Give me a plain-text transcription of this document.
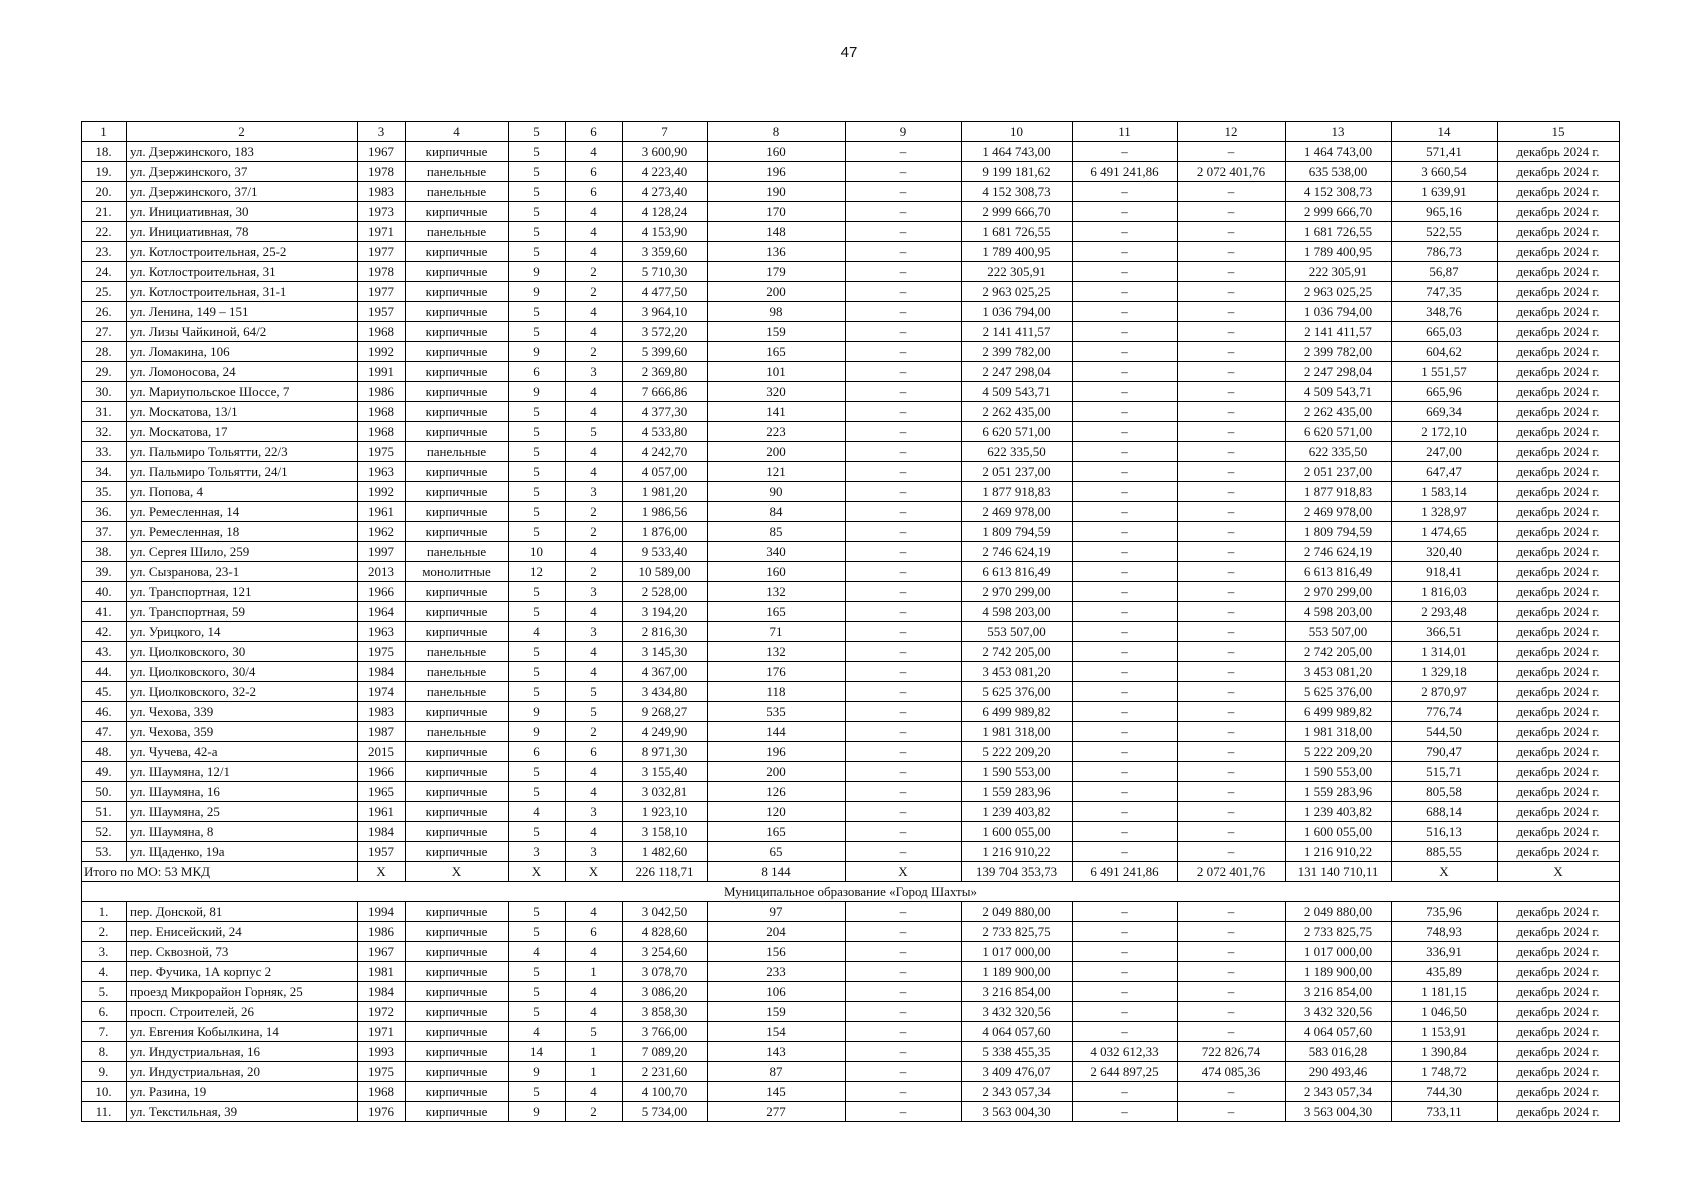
47
1	2	3	4	5	6	7	8	9	10	11	12	13	14	15
18.	ул. Дзержинского, 183	1967	кирпичные	5	4	3 600,90	160	–	1 464 743,00	–	–	1 464 743,00	571,41	декабрь 2024 г.
19.	ул. Дзержинского, 37	1978	панельные	5	6	4 223,40	196	–	9 199 181,62	6 491 241,86	2 072 401,76	635 538,00	3 660,54	декабрь 2024 г.
20.	ул. Дзержинского, 37/1	1983	панельные	5	6	4 273,40	190	–	4 152 308,73	–	–	4 152 308,73	1 639,91	декабрь 2024 г.
21.	ул. Инициативная, 30	1973	кирпичные	5	4	4 128,24	170	–	2 999 666,70	–	–	2 999 666,70	965,16	декабрь 2024 г.
22.	ул. Инициативная, 78	1971	панельные	5	4	4 153,90	148	–	1 681 726,55	–	–	1 681 726,55	522,55	декабрь 2024 г.
23.	ул. Котлостроительная, 25-2	1977	кирпичные	5	4	3 359,60	136	–	1 789 400,95	–	–	1 789 400,95	786,73	декабрь 2024 г.
24.	ул. Котлостроительная, 31	1978	кирпичные	9	2	5 710,30	179	–	222 305,91	–	–	222 305,91	56,87	декабрь 2024 г.
25.	ул. Котлостроительная, 31-1	1977	кирпичные	9	2	4 477,50	200	–	2 963 025,25	–	–	2 963 025,25	747,35	декабрь 2024 г.
26.	ул. Ленина, 149 – 151	1957	кирпичные	5	4	3 964,10	98	–	1 036 794,00	–	–	1 036 794,00	348,76	декабрь 2024 г.
27.	ул. Лизы Чайкиной, 64/2	1968	кирпичные	5	4	3 572,20	159	–	2 141 411,57	–	–	2 141 411,57	665,03	декабрь 2024 г.
28.	ул. Ломакина, 106	1992	кирпичные	9	2	5 399,60	165	–	2 399 782,00	–	–	2 399 782,00	604,62	декабрь 2024 г.
29.	ул. Ломоносова, 24	1991	кирпичные	6	3	2 369,80	101	–	2 247 298,04	–	–	2 247 298,04	1 551,57	декабрь 2024 г.
30.	ул. Мариупольское Шоссе, 7	1986	кирпичные	9	4	7 666,86	320	–	4 509 543,71	–	–	4 509 543,71	665,96	декабрь 2024 г.
31.	ул. Москатова, 13/1	1968	кирпичные	5	4	4 377,30	141	–	2 262 435,00	–	–	2 262 435,00	669,34	декабрь 2024 г.
32.	ул. Москатова, 17	1968	кирпичные	5	5	4 533,80	223	–	6 620 571,00	–	–	6 620 571,00	2 172,10	декабрь 2024 г.
33.	ул. Пальмиро Тольятти, 22/3	1975	панельные	5	4	4 242,70	200	–	622 335,50	–	–	622 335,50	247,00	декабрь 2024 г.
34.	ул. Пальмиро Тольятти, 24/1	1963	кирпичные	5	4	4 057,00	121	–	2 051 237,00	–	–	2 051 237,00	647,47	декабрь 2024 г.
35.	ул. Попова, 4	1992	кирпичные	5	3	1 981,20	90	–	1 877 918,83	–	–	1 877 918,83	1 583,14	декабрь 2024 г.
36.	ул. Ремесленная, 14	1961	кирпичные	5	2	1 986,56	84	–	2 469 978,00	–	–	2 469 978,00	1 328,97	декабрь 2024 г.
37.	ул. Ремесленная, 18	1962	кирпичные	5	2	1 876,00	85	–	1 809 794,59	–	–	1 809 794,59	1 474,65	декабрь 2024 г.
38.	ул. Сергея Шило, 259	1997	панельные	10	4	9 533,40	340	–	2 746 624,19	–	–	2 746 624,19	320,40	декабрь 2024 г.
39.	ул. Сызранова, 23-1	2013	монолитные	12	2	10 589,00	160	–	6 613 816,49	–	–	6 613 816,49	918,41	декабрь 2024 г.
40.	ул. Транспортная, 121	1966	кирпичные	5	3	2 528,00	132	–	2 970 299,00	–	–	2 970 299,00	1 816,03	декабрь 2024 г.
41.	ул. Транспортная, 59	1964	кирпичные	5	4	3 194,20	165	–	4 598 203,00	–	–	4 598 203,00	2 293,48	декабрь 2024 г.
42.	ул. Урицкого, 14	1963	кирпичные	4	3	2 816,30	71	–	553 507,00	–	–	553 507,00	366,51	декабрь 2024 г.
43.	ул. Циолковского, 30	1975	панельные	5	4	3 145,30	132	–	2 742 205,00	–	–	2 742 205,00	1 314,01	декабрь 2024 г.
44.	ул. Циолковского, 30/4	1984	панельные	5	4	4 367,00	176	–	3 453 081,20	–	–	3 453 081,20	1 329,18	декабрь 2024 г.
45.	ул. Циолковского, 32-2	1974	панельные	5	5	3 434,80	118	–	5 625 376,00	–	–	5 625 376,00	2 870,97	декабрь 2024 г.
46.	ул. Чехова, 339	1983	кирпичные	9	5	9 268,27	535	–	6 499 989,82	–	–	6 499 989,82	776,74	декабрь 2024 г.
47.	ул. Чехова, 359	1987	панельные	9	2	4 249,90	144	–	1 981 318,00	–	–	1 981 318,00	544,50	декабрь 2024 г.
48.	ул. Чучева, 42-а	2015	кирпичные	6	6	8 971,30	196	–	5 222 209,20	–	–	5 222 209,20	790,47	декабрь 2024 г.
49.	ул. Шаумяна, 12/1	1966	кирпичные	5	4	3 155,40	200	–	1 590 553,00	–	–	1 590 553,00	515,71	декабрь 2024 г.
50.	ул. Шаумяна, 16	1965	кирпичные	5	4	3 032,81	126	–	1 559 283,96	–	–	1 559 283,96	805,58	декабрь 2024 г.
51.	ул. Шаумяна, 25	1961	кирпичные	4	3	1 923,10	120	–	1 239 403,82	–	–	1 239 403,82	688,14	декабрь 2024 г.
52.	ул. Шаумяна, 8	1984	кирпичные	5	4	3 158,10	165	–	1 600 055,00	–	–	1 600 055,00	516,13	декабрь 2024 г.
53.	ул. Щаденко, 19а	1957	кирпичные	3	3	1 482,60	65	–	1 216 910,22	–	–	1 216 910,22	885,55	декабрь 2024 г.
Итого по МО: 53 МКД		Х	Х	Х	Х	226 118,71	8 144	Х	139 704 353,73	6 491 241,86	2 072 401,76	131 140 710,11	Х	Х
Муниципальное образование «Город Шахты»														
1.	пер. Донской, 81	1994	кирпичные	5	4	3 042,50	97	–	2 049 880,00	–	–	2 049 880,00	735,96	декабрь 2024 г.
2.	пер. Енисейский, 24	1986	кирпичные	5	6	4 828,60	204	–	2 733 825,75	–	–	2 733 825,75	748,93	декабрь 2024 г.
3.	пер. Сквозной, 73	1967	кирпичные	4	4	3 254,60	156	–	1 017 000,00	–	–	1 017 000,00	336,91	декабрь 2024 г.
4.	пер. Фучика, 1А корпус 2	1981	кирпичные	5	1	3 078,70	233	–	1 189 900,00	–	–	1 189 900,00	435,89	декабрь 2024 г.
5.	проезд Микрорайон Горняк, 25	1984	кирпичные	5	4	3 086,20	106	–	3 216 854,00	–	–	3 216 854,00	1 181,15	декабрь 2024 г.
6.	просп. Строителей, 26	1972	кирпичные	5	4	3 858,30	159	–	3 432 320,56	–	–	3 432 320,56	1 046,50	декабрь 2024 г.
7.	ул. Евгения Кобылкина, 14	1971	кирпичные	4	5	3 766,00	154	–	4 064 057,60	–	–	4 064 057,60	1 153,91	декабрь 2024 г.
8.	ул. Индустриальная, 16	1993	кирпичные	14	1	7 089,20	143	–	5 338 455,35	4 032 612,33	722 826,74	583 016,28	1 390,84	декабрь 2024 г.
9.	ул. Индустриальная, 20	1975	кирпичные	9	1	2 231,60	87	–	3 409 476,07	2 644 897,25	474 085,36	290 493,46	1 748,72	декабрь 2024 г.
10.	ул. Разина, 19	1968	кирпичные	5	4	4 100,70	145	–	2 343 057,34	–	–	2 343 057,34	744,30	декабрь 2024 г.
11.	ул. Текстильная, 39	1976	кирпичные	9	2	5 734,00	277	–	3 563 004,30	–	–	3 563 004,30	733,11	декабрь 2024 г.
